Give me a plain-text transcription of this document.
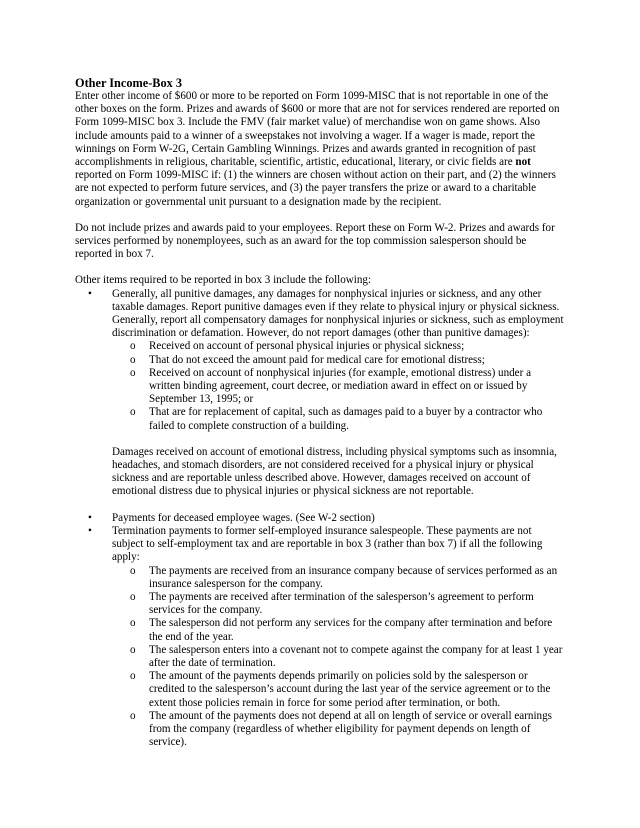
Other Income-Box 3

Enter other income of $600 or more to be reported on Form 1099-MISC that is not reportable in one of the other boxes on the form. Prizes and awards of $600 or more that are not for services rendered are reported on Form 1099-MISC box 3. Include the FMV (fair market value) of merchandise won on game shows. Also include amounts paid to a winner of a sweepstakes not involving a wager. If a wager is made, report the winnings on Form W-2G, Certain Gambling Winnings. Prizes and awards granted in recognition of past accomplishments in religious, charitable, scientific, artistic, educational, literary, or civic fields are not reported on Form 1099-MISC if: (1) the winners are chosen without action on their part, and (2) the winners are not expected to perform future services, and (3) the payer transfers the prize or award to a charitable organization or governmental unit pursuant to a designation made by the recipient.

Do not include prizes and awards paid to your employees. Report these on Form W-2. Prizes and awards for services performed by nonemployees, such as an award for the top commission salesperson should be reported in box 7.

Other items required to be reported in box 3 include the following:

• Generally, all punitive damages, any damages for nonphysical injuries or sickness, and any other taxable damages. Report punitive damages even if they relate to physical injury or physical sickness. Generally, report all compensatory damages for nonphysical injuries or sickness, such as employment discrimination or defamation. However, do not report damages (other than punitive damages):

o Received on account of personal physical injuries or physical sickness;
o That do not exceed the amount paid for medical care for emotional distress;
o Received on account of nonphysical injuries (for example, emotional distress) under a written binding agreement, court decree, or mediation award in effect on or issued by September 13, 1995; or
o That are for replacement of capital, such as damages paid to a buyer by a contractor who failed to complete construction of a building.

Damages received on account of emotional distress, including physical symptoms such as insomnia, headaches, and stomach disorders, are not considered received for a physical injury or physical sickness and are reportable unless described above. However, damages received on account of emotional distress due to physical injuries or physical sickness are not reportable.

• Payments for deceased employee wages. (See W-2 section)

• Termination payments to former self-employed insurance salespeople. These payments are not subject to self-employment tax and are reportable in box 3 (rather than box 7) if all the following apply:

o The payments are received from an insurance company because of services performed as an insurance salesperson for the company.
o The payments are received after termination of the salesperson’s agreement to perform services for the company.
o The salesperson did not perform any services for the company after termination and before the end of the year.
o The salesperson enters into a covenant not to compete against the company for at least 1 year after the date of termination.
o The amount of the payments depends primarily on policies sold by the salesperson or credited to the salesperson’s account during the last year of the service agreement or to the extent those policies remain in force for some period after termination, or both.
o The amount of the payments does not depend at all on length of service or overall earnings from the company (regardless of whether eligibility for payment depends on length of service).
